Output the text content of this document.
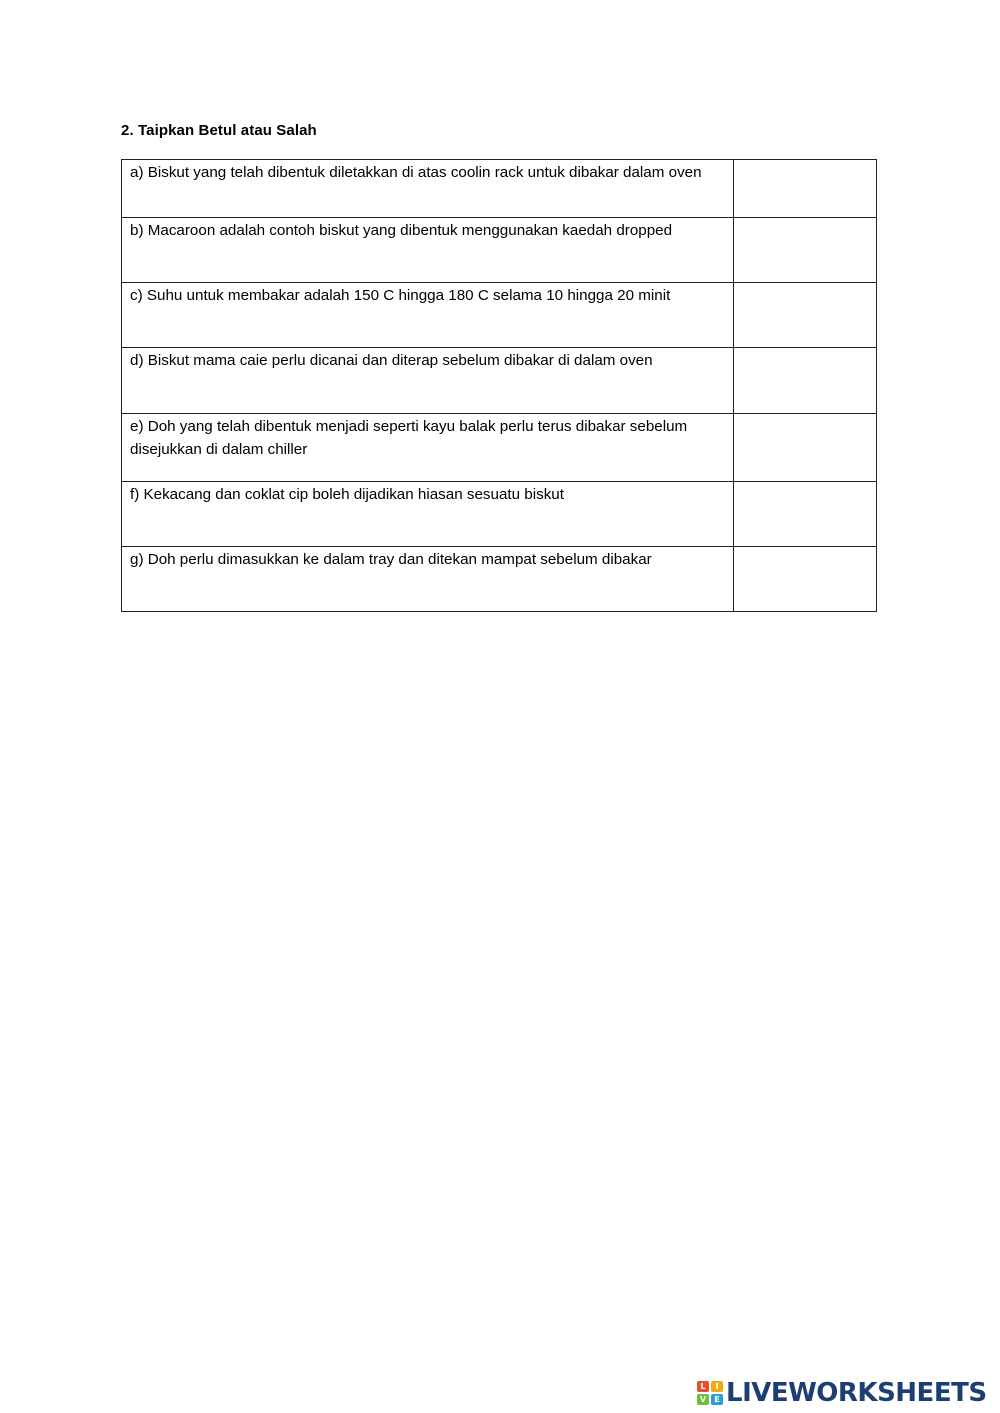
2. Taipkan Betul atau Salah
a) Biskut yang telah dibentuk diletakkan di atas coolin rack untuk dibakar dalam oven	

b) Macaroon adalah contoh biskut yang dibentuk menggunakan kaedah dropped	

c) Suhu untuk membakar adalah 150 C hingga 180 C selama 10 hingga 20 minit	

d) Biskut mama caie perlu dicanai dan diterap sebelum dibakar di dalam oven	

e) Doh yang telah dibentuk menjadi seperti kayu balak perlu terus dibakar sebelum disejukkan di dalam chiller	

f) Kekacang dan coklat cip boleh dijadikan hiasan sesuatu biskut	

g) Doh perlu dimasukkan ke dalam tray dan ditekan mampat sebelum dibakar	

L	I
V	E LIVEWORKSHEETS
